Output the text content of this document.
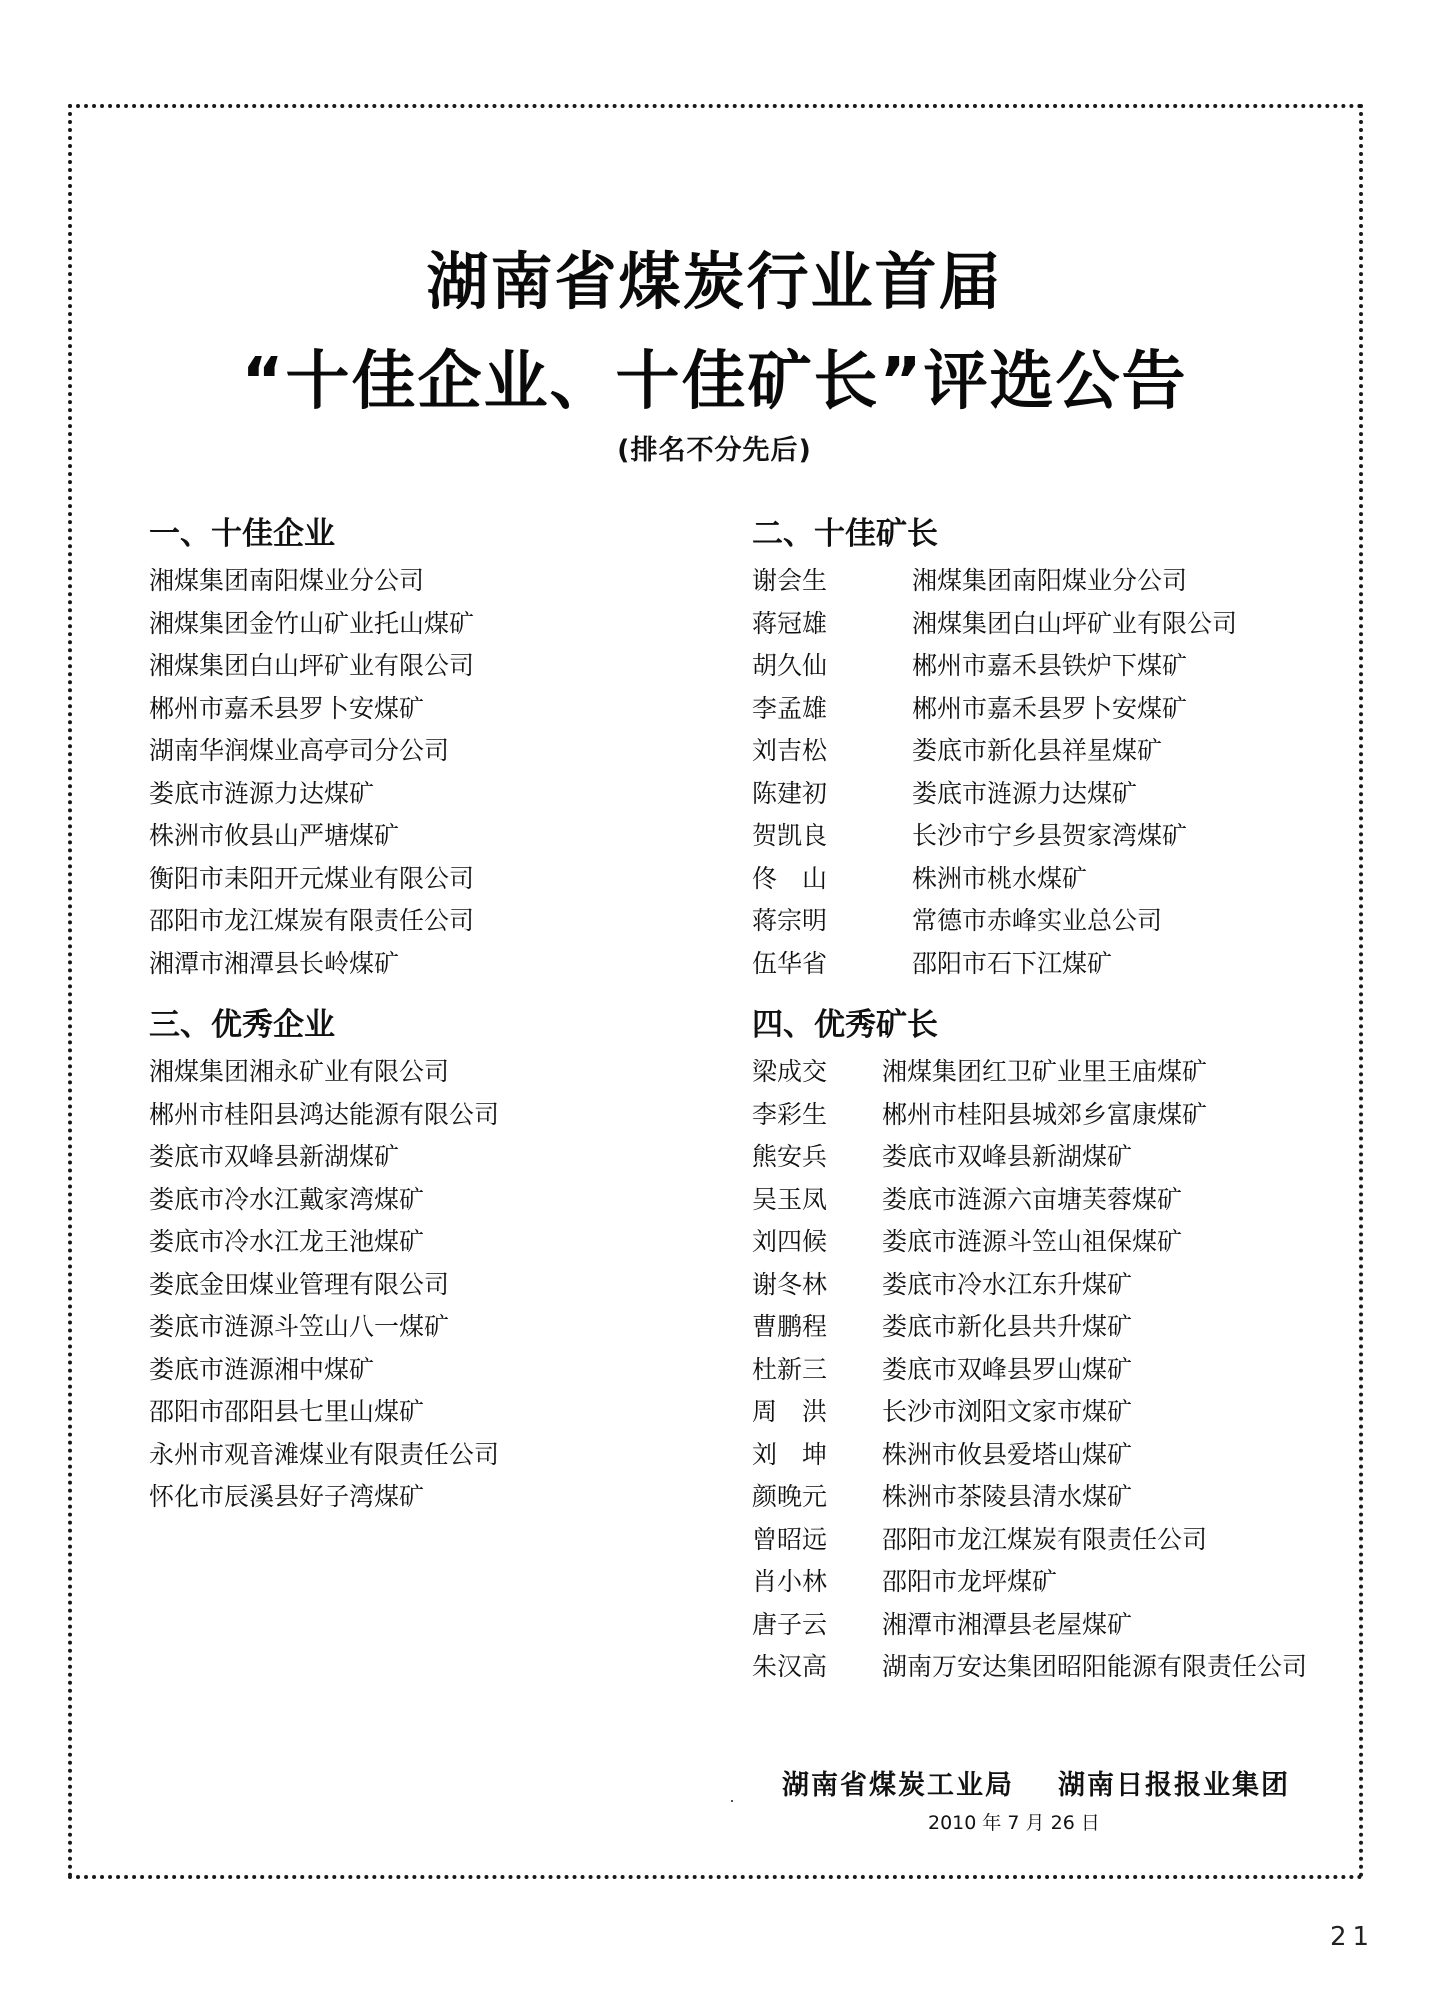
湖南省煤炭行业首届
“十佳企业、十佳矿长”评选公告
(排名不分先后)
一、十佳企业
湘煤集团南阳煤业分公司
湘煤集团金竹山矿业托山煤矿
湘煤集团白山坪矿业有限公司
郴州市嘉禾县罗卜安煤矿
湖南华润煤业高亭司分公司
娄底市涟源力达煤矿
株洲市攸县山严塘煤矿
衡阳市耒阳开元煤业有限公司
邵阳市龙江煤炭有限责任公司
湘潭市湘潭县长岭煤矿
二、十佳矿长
谢会生	湘煤集团南阳煤业分公司
蒋冠雄	湘煤集团白山坪矿业有限公司
胡久仙	郴州市嘉禾县铁炉下煤矿
李孟雄	郴州市嘉禾县罗卜安煤矿
刘吉松	娄底市新化县祥星煤矿
陈建初	娄底市涟源力达煤矿
贺凯良	长沙市宁乡县贺家湾煤矿
佟　山	株洲市桃水煤矿
蒋宗明	常德市赤峰实业总公司
伍华省	邵阳市石下江煤矿
三、优秀企业
湘煤集团湘永矿业有限公司
郴州市桂阳县鸿达能源有限公司
娄底市双峰县新湖煤矿
娄底市冷水江戴家湾煤矿
娄底市冷水江龙王池煤矿
娄底金田煤业管理有限公司
娄底市涟源斗笠山八一煤矿
娄底市涟源湘中煤矿
邵阳市邵阳县七里山煤矿
永州市观音滩煤业有限责任公司
怀化市辰溪县好子湾煤矿
四、优秀矿长
梁成交 湘煤集团红卫矿业里王庙煤矿
李彩生 郴州市桂阳县城郊乡富康煤矿
熊安兵 娄底市双峰县新湖煤矿
吴玉凤 娄底市涟源六亩塘芙蓉煤矿
刘四候 娄底市涟源斗笠山祖保煤矿
谢冬林 娄底市冷水江东升煤矿
曹鹏程 娄底市新化县共升煤矿
杜新三 娄底市双峰县罗山煤矿
周　洪 长沙市浏阳文家市煤矿
刘　坤 株洲市攸县爱塔山煤矿
颜晚元 株洲市茶陵县清水煤矿
曾昭远 邵阳市龙江煤炭有限责任公司
肖小林 邵阳市龙坪煤矿
唐子云 湘潭市湘潭县老屋煤矿
朱汉高 湖南万安达集团昭阳能源有限责任公司
湖南省煤炭工业局 湖南日报报业集团
2010 年 7 月 26 日
21
